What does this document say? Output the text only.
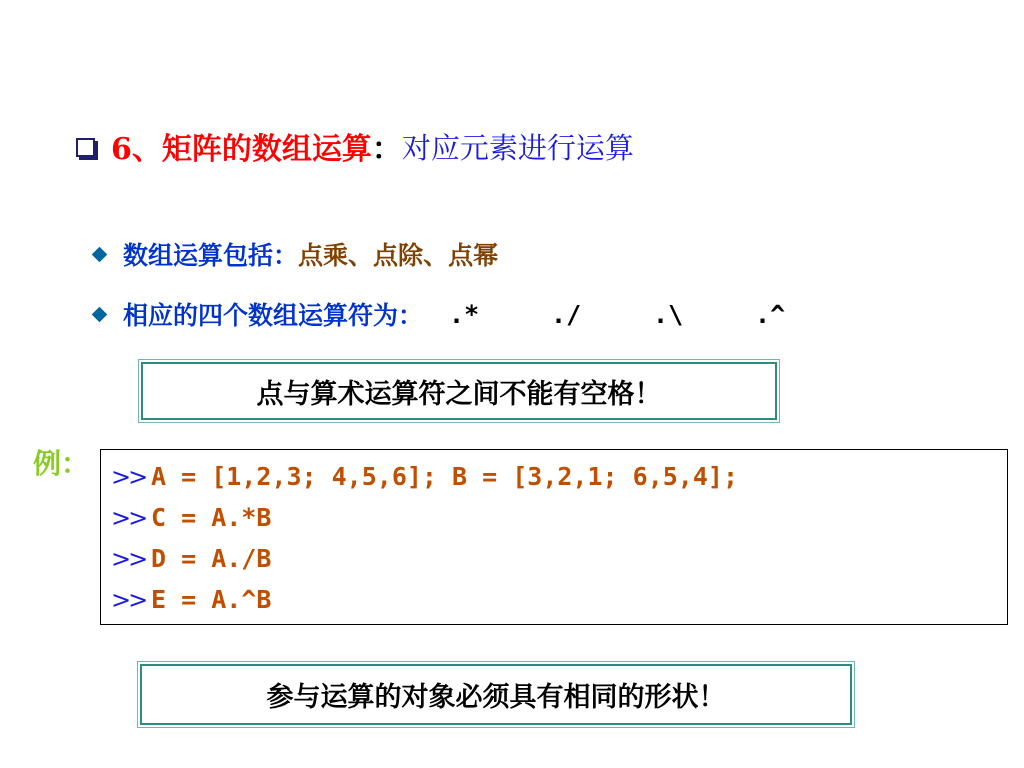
6、 矩阵的数组运算 ： 对应元素进行运算
数组运算包括： 点乘 、 点除 、 点幂
相应的四个数组运算符为： .*	./	.\	.^
点与算术运算符之间不能有空格！
例： >> A = [1,2,3; 4,5,6]; B = [3,2,1; 6,5,4];
>> C = A.*B
>> D = A./B
>> E = A.^B
参与运算的对象必须具有相同的形状！
